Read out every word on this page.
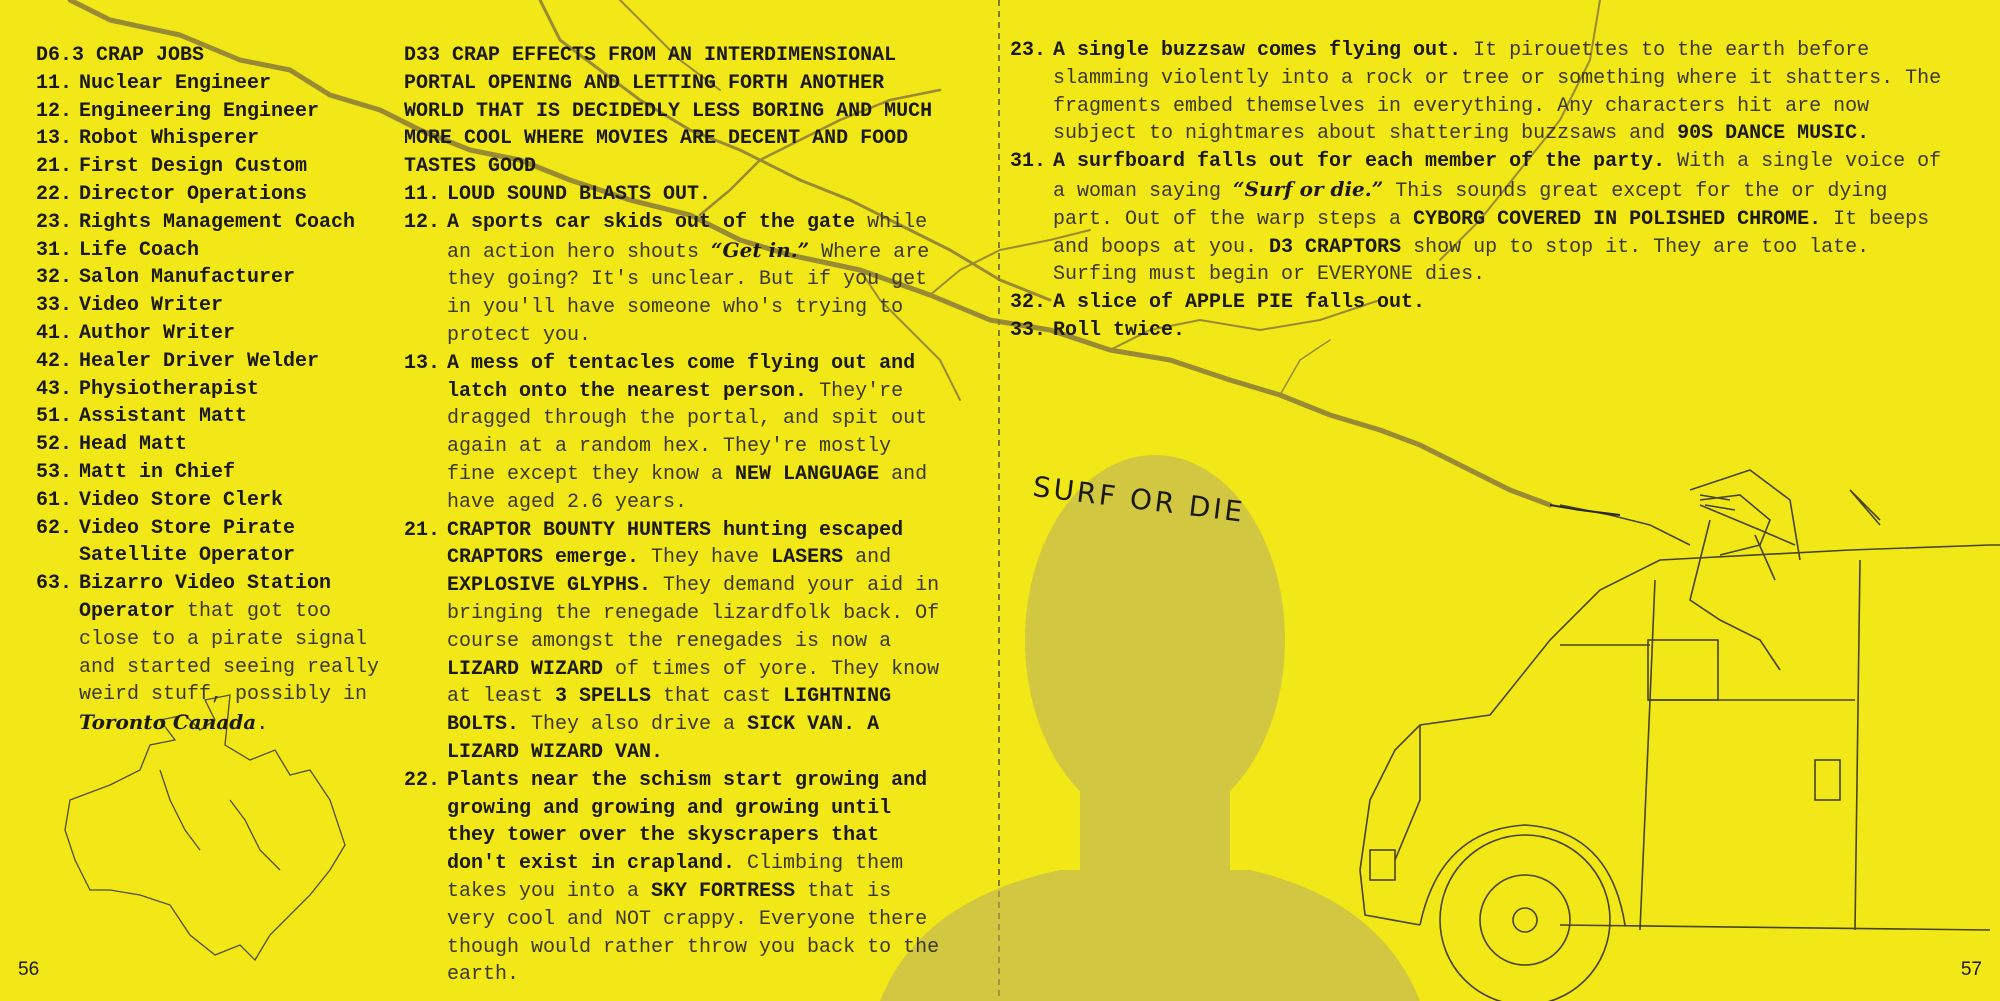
D6.3 CRAP JOBS
11. Nuclear Engineer
12. Engineering Engineer
13. Robot Whisperer
21. First Design Custom
22. Director Operations
23. Rights Management Coach
31. Life Coach
32. Salon Manufacturer
33. Video Writer
41. Author Writer
42. Healer Driver Welder
43. Physiotherapist
51. Assistant Matt
52. Head Matt
53. Matt in Chief
61. Video Store Clerk
62. Video Store Pirate Satellite Operator
63. Bizarro Video Station Operator that got too close to a pirate signal and started seeing really weird stuff, possibly in Toronto Canada.
D33 CRAP EFFECTS FROM AN INTERDIMENSIONAL PORTAL OPENING AND LETTING FORTH ANOTHER WORLD THAT IS DECIDEDLY LESS BORING AND MUCH MORE COOL WHERE MOVIES ARE DECENT AND FOOD TASTES GOOD
11. LOUD SOUND BLASTS OUT.
12. A sports car skids out of the gate while an action hero shouts “Get in.” Where are they going? It's unclear. But if you get in you'll have someone who's trying to protect you.
13. A mess of tentacles come flying out and latch onto the nearest person. They're dragged through the portal, and spit out again at a random hex. They're mostly fine except they know a NEW LANGUAGE and have aged 2.6 years.
21. CRAPTOR BOUNTY HUNTERS hunting escaped CRAPTORS emerge. They have LASERS and EXPLOSIVE GLYPHS. They demand your aid in bringing the renegade lizardfolk back. Of course amongst the renegades is now a LIZARD WIZARD of times of yore. They know at least 3 SPELLS that cast LIGHTNING BOLTS. They also drive a SICK VAN. A LIZARD WIZARD VAN.
22. Plants near the schism start growing and growing and growing and growing until they tower over the skyscrapers that don't exist in crapland. Climbing them takes you into a SKY FORTRESS that is very cool and NOT crappy. Everyone there though would rather throw you back to the earth.
23. A single buzzsaw comes flying out. It pirouettes to the earth before slamming violently into a rock or tree or something where it shatters. The fragments embed themselves in everything. Any characters hit are now subject to nightmares about shattering buzzsaws and 90S DANCE MUSIC.
31. A surfboard falls out for each member of the party. With a single voice of a woman saying “Surf or die.” This sounds great except for the or dying part. Out of the warp steps a CYBORG COVERED IN POLISHED CHROME. It beeps and boops at you. D3 CRAPTORS show up to stop it. They are too late. Surfing must begin or EVERYONE dies.
32. A slice of APPLE PIE falls out.
33. Roll twice.
SURF OR DIE
56	57
